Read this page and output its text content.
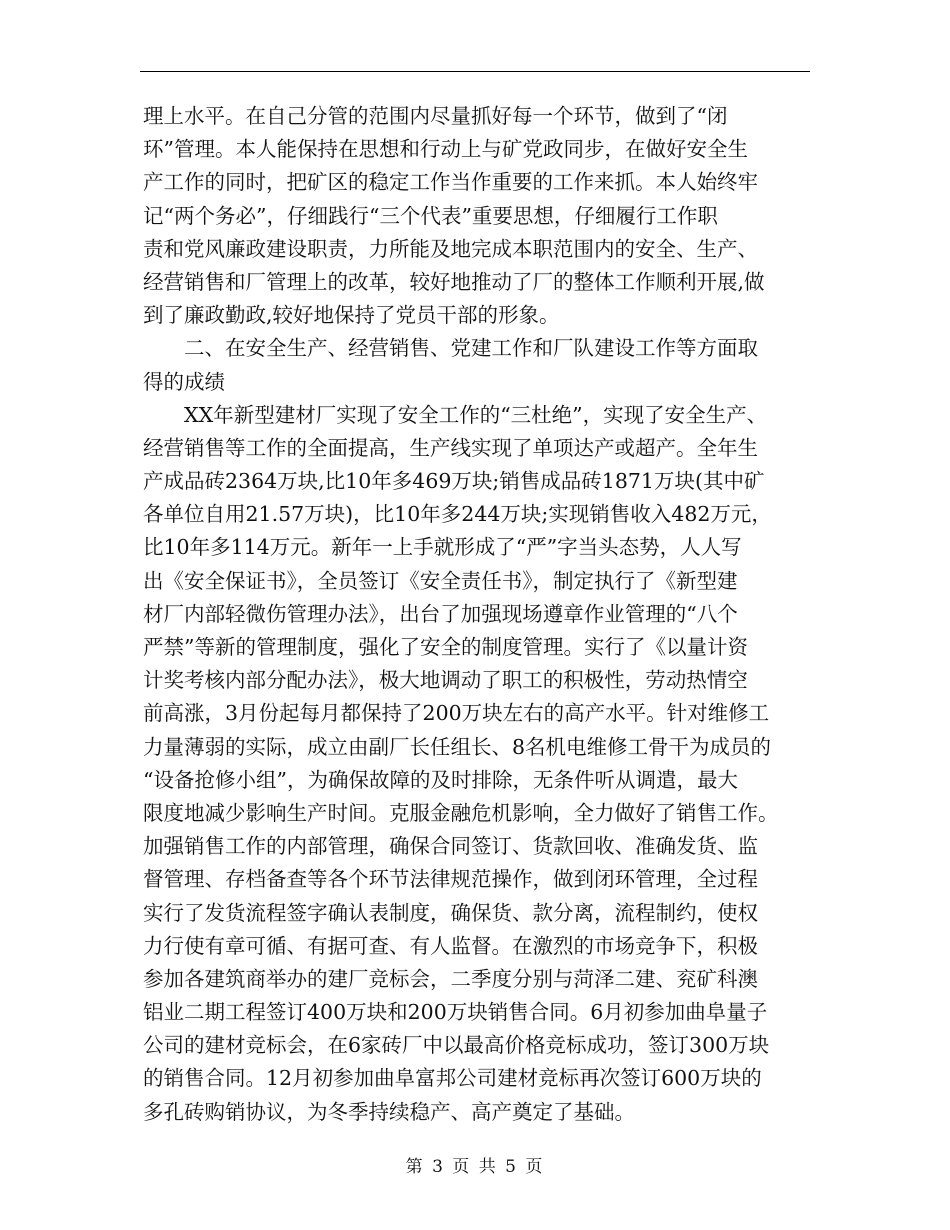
理上水平。在自己分管的范围内尽量抓好每一个环节，做到了“闭
环”管理。本人能保持在思想和行动上与矿党政同步，在做好安全生
产工作的同时，把矿区的稳定工作当作重要的工作来抓。本人始终牢
记“两个务必”，仔细践行“三个代表”重要思想，仔细履行工作职
责和党风廉政建设职责，力所能及地完成本职范围内的安全、生产、
经营销售和厂管理上的改革，较好地推动了厂的整体工作顺利开展,做
到了廉政勤政,较好地保持了党员干部的形象。
　　二、在安全生产、经营销售、党建工作和厂队建设工作等方面取
得的成绩
　　XX年新型建材厂实现了安全工作的“三杜绝”，实现了安全生产、
经营销售等工作的全面提高，生产线实现了单项达产或超产。全年生
产成品砖2364万块,比10年多469万块;销售成品砖1871万块(其中矿
各单位自用21.57万块)，比10年多244万块;实现销售收入482万元，
比10年多114万元。新年一上手就形成了“严”字当头态势，人人写
出《安全保证书》，全员签订《安全责任书》，制定执行了《新型建
材厂内部轻微伤管理办法》，出台了加强现场遵章作业管理的“八个
严禁”等新的管理制度，强化了安全的制度管理。实行了《以量计资
计奖考核内部分配办法》，极大地调动了职工的积极性，劳动热情空
前高涨，3月份起每月都保持了200万块左右的高产水平。针对维修工
力量薄弱的实际，成立由副厂长任组长、8名机电维修工骨干为成员的
“设备抢修小组”，为确保故障的及时排除，无条件听从调遣，最大
限度地减少影响生产时间。克服金融危机影响，全力做好了销售工作。
加强销售工作的内部管理，确保合同签订、货款回收、准确发货、监
督管理、存档备查等各个环节法律规范操作，做到闭环管理，全过程
实行了发货流程签字确认表制度，确保货、款分离，流程制约，使权
力行使有章可循、有据可查、有人监督。在激烈的市场竞争下，积极
参加各建筑商举办的建厂竞标会，二季度分别与菏泽二建、兖矿科澳
铝业二期工程签订400万块和200万块销售合同。6月初参加曲阜量子
公司的建材竞标会，在6家砖厂中以最高价格竞标成功，签订300万块
的销售合同。12月初参加曲阜富邦公司建材竞标再次签订600万块的
多孔砖购销协议，为冬季持续稳产、高产奠定了基础。
第 3 页 共 5 页
